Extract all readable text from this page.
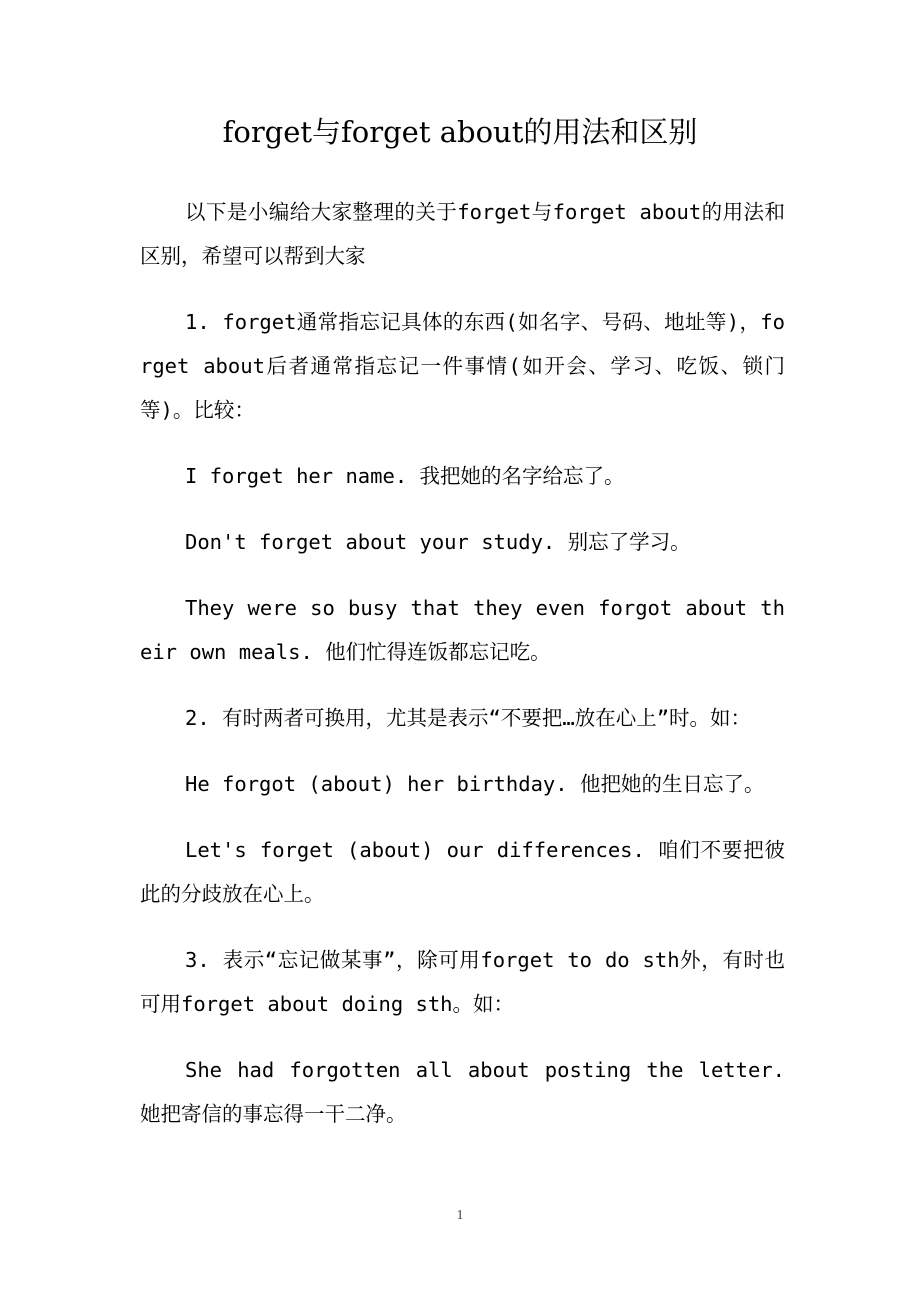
forget与forget about的用法和区别

以下是小编给大家整理的关于forget与forget about的用法和区别，希望可以帮到大家

1. forget通常指忘记具体的东西(如名字、号码、地址等)，forget about后者通常指忘记一件事情(如开会、学习、吃饭、锁门等)。比较：

I forget her name. 我把她的名字给忘了。

Don't forget about your study. 别忘了学习。

They were so busy that they even forgot about their own meals. 他们忙得连饭都忘记吃。

2. 有时两者可换用，尤其是表示“不要把…放在心上”时。如：

He forgot (about) her birthday. 他把她的生日忘了。

Let's forget (about) our differences. 咱们不要把彼此的分歧放在心上。

3. 表示“忘记做某事”，除可用forget to do sth外，有时也可用forget about doing sth。如：

She had forgotten all about posting the letter. 她把寄信的事忘得一干二净。

1
